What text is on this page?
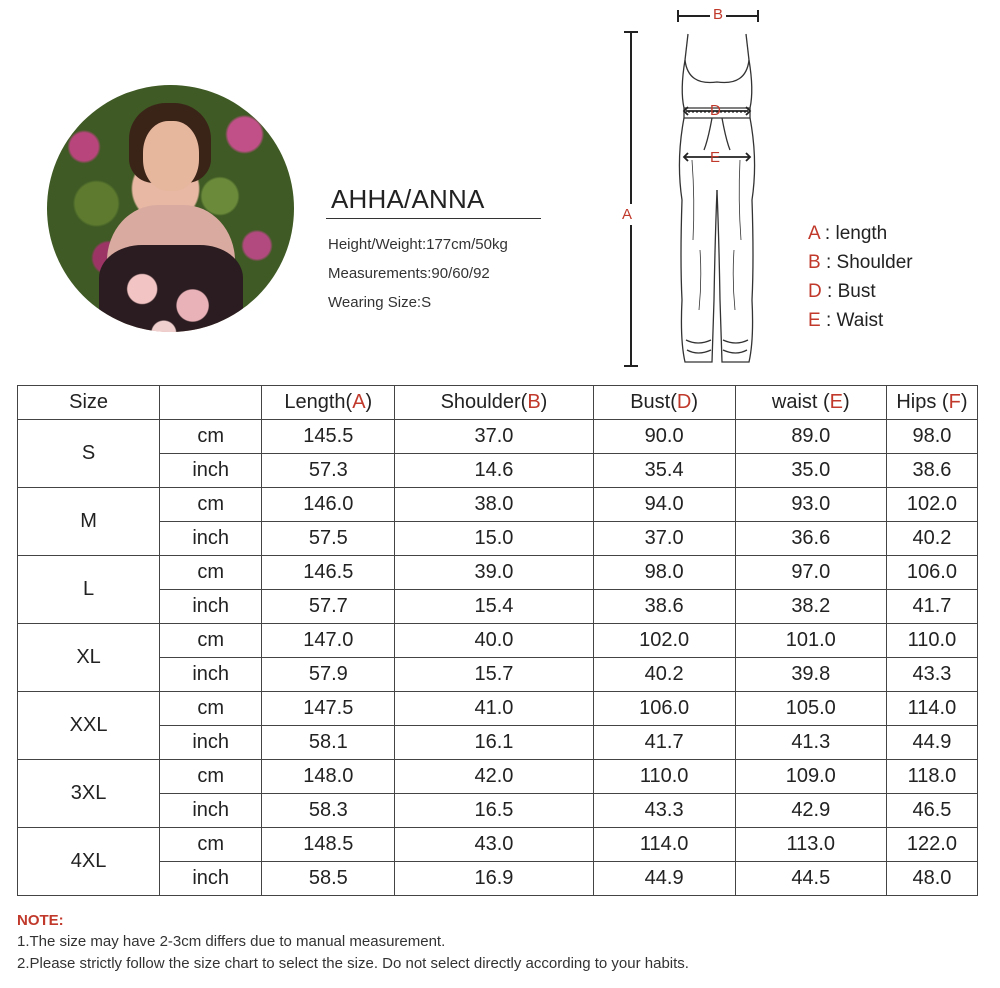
AHHA/ANNA
Height/Weight:177cm/50kg
Measurements:90/60/92
Wearing Size:S
B
A
D
E
A : length
B : Shoulder
D : Bust
E : Waist
Size		Length(A)	Shoulder(B)	Bust(D)	waist (E)	Hips (F)
S	cm	145.5	37.0	90.0	89.0	98.0
	inch	57.3	14.6	35.4	35.0	38.6
M	cm	146.0	38.0	94.0	93.0	102.0
	inch	57.5	15.0	37.0	36.6	40.2
L	cm	146.5	39.0	98.0	97.0	106.0
	inch	57.7	15.4	38.6	38.2	41.7
XL	cm	147.0	40.0	102.0	101.0	110.0
	inch	57.9	15.7	40.2	39.8	43.3
XXL	cm	147.5	41.0	106.0	105.0	114.0
	inch	58.1	16.1	41.7	41.3	44.9
3XL	cm	148.0	42.0	110.0	109.0	118.0
	inch	58.3	16.5	43.3	42.9	46.5
4XL	cm	148.5	43.0	114.0	113.0	122.0
	inch	58.5	16.9	44.9	44.5	48.0
NOTE:
1.The size may have 2-3cm differs due to manual measurement.
2.Please strictly follow the size chart to select the size. Do not select directly according to your habits.
